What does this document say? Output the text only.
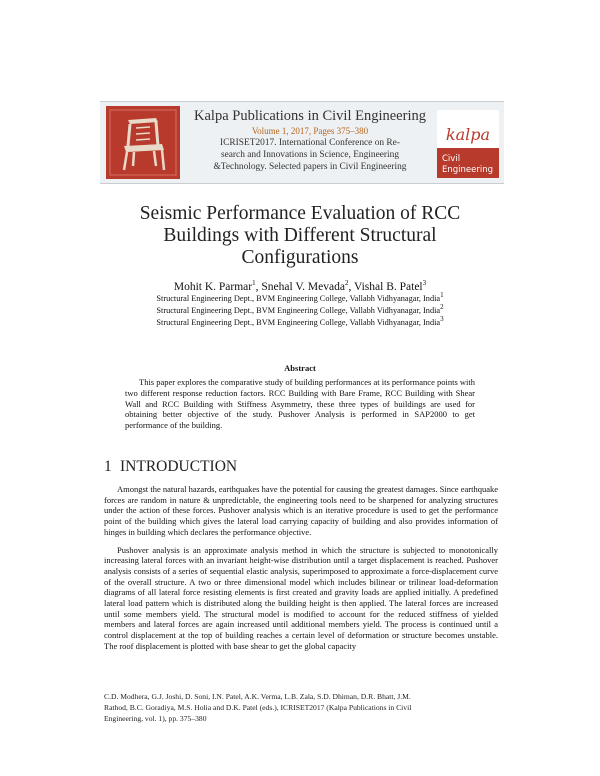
Kalpa Publications in Civil Engineering
Volume 1, 2017, Pages 375–380
ICRISET2017. International Conference on Re-
search and Innovations in Science, Engineering
&Technology. Selected papers in Civil Engineering
kalpa
Civil
Engineering
Seismic Performance Evaluation of RCC
Buildings with Different Structural
Configurations
Mohit K. Parmar$^1$, Snehal V. Mevada$^2$, Vishal B. Patel$^3$
Structural Engineering Dept., BVM Engineering College, Vallabh Vidhyanagar, India$^1$
Structural Engineering Dept., BVM Engineering College, Vallabh Vidhyanagar, India$^2$
Structural Engineering Dept., BVM Engineering College, Vallabh Vidhyanagar, India$^3$
Abstract

This paper explores the comparative study of building performances at its performance points with two different response reduction factors. RCC Building with Bare Frame, RCC Building with Shear Wall and RCC Building with Stiffness Asymmetry, these three types of buildings are used for obtaining better objective of the study. Pushover Analysis is performed in SAP2000 to get performance of the building.

1 INTRODUCTION

Amongst the natural hazards, earthquakes have the potential for causing the greatest damages. Since earthquake forces are random in nature & unpredictable, the engineering tools need to be sharpened for analyzing structures under the action of these forces. Pushover analysis which is an iterative procedure is used to get the performance point of the building which gives the lateral load carrying capacity of building and also provides information of hinges in building which declares the performance objective.

Pushover analysis is an approximate analysis method in which the structure is subjected to monotonically increasing lateral forces with an invariant height-wise distribution until a target displacement is reached. Pushover analysis consists of a series of sequential elastic analysis, superimposed to approximate a force-displacement curve of the overall structure. A two or three dimensional model which includes bilinear or trilinear load-deformation diagrams of all lateral force resisting elements is first created and gravity loads are applied initially. A predefined lateral load pattern which is distributed along the building height is then applied. The lateral forces are increased until some members yield. The structural model is modified to account for the reduced stiffness of yielded members and lateral forces are again increased until additional members yield. The process is continued until a control displacement at the top of building reaches a certain level of deformation or structure becomes unstable. The roof displacement is plotted with base shear to get the global capacity

C.D. Modhera, G.J. Joshi, D. Soni, I.N. Patel, A.K. Verma, L.B. Zala, S.D. Dhiman, D.R. Bhatt, J.M.
Rathod, B.C. Goradiya, M.S. Holia and D.K. Patel (eds.), ICRISET2017 (Kalpa Publications in Civil
Engineering, vol. 1), pp. 375–380
